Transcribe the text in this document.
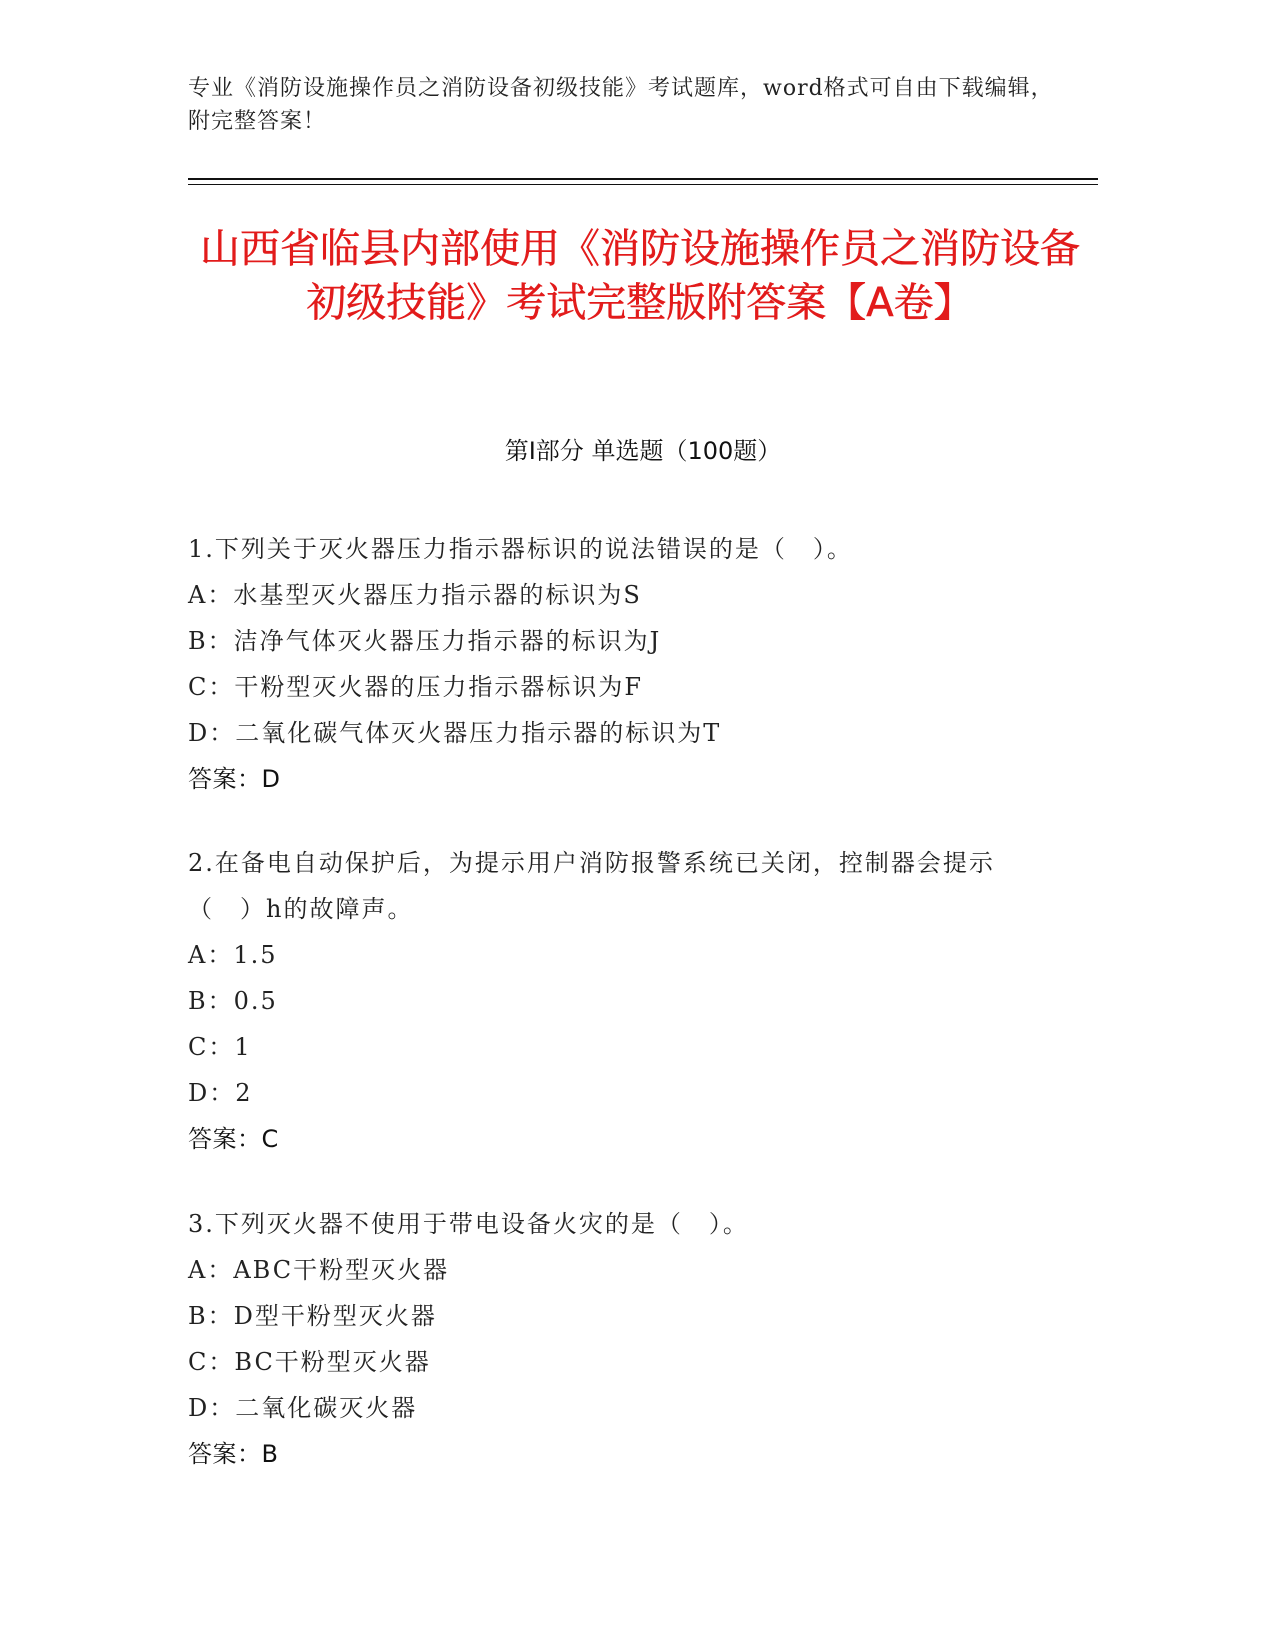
专业《消防设施操作员之消防设备初级技能》考试题库，word格式可自由下载编辑，附完整答案！
山西省临县内部使用《消防设施操作员之消防设备初级技能》考试完整版附答案【A卷】
第I部分 单选题（100题）
1.下列关于灭火器压力指示器标识的说法错误的是（　）。
A：水基型灭火器压力指示器的标识为S
B：洁净气体灭火器压力指示器的标识为J
C：干粉型灭火器的压力指示器标识为F
D：二氧化碳气体灭火器压力指示器的标识为T
答案：D
2.在备电自动保护后，为提示用户消防报警系统已关闭，控制器会提示（　）h的故障声。
A：1.5
B：0.5
C：1
D：2
答案：C
3.下列灭火器不使用于带电设备火灾的是（　）。
A：ABC干粉型灭火器
B：D型干粉型灭火器
C：BC干粉型灭火器
D：二氧化碳灭火器
答案：B
